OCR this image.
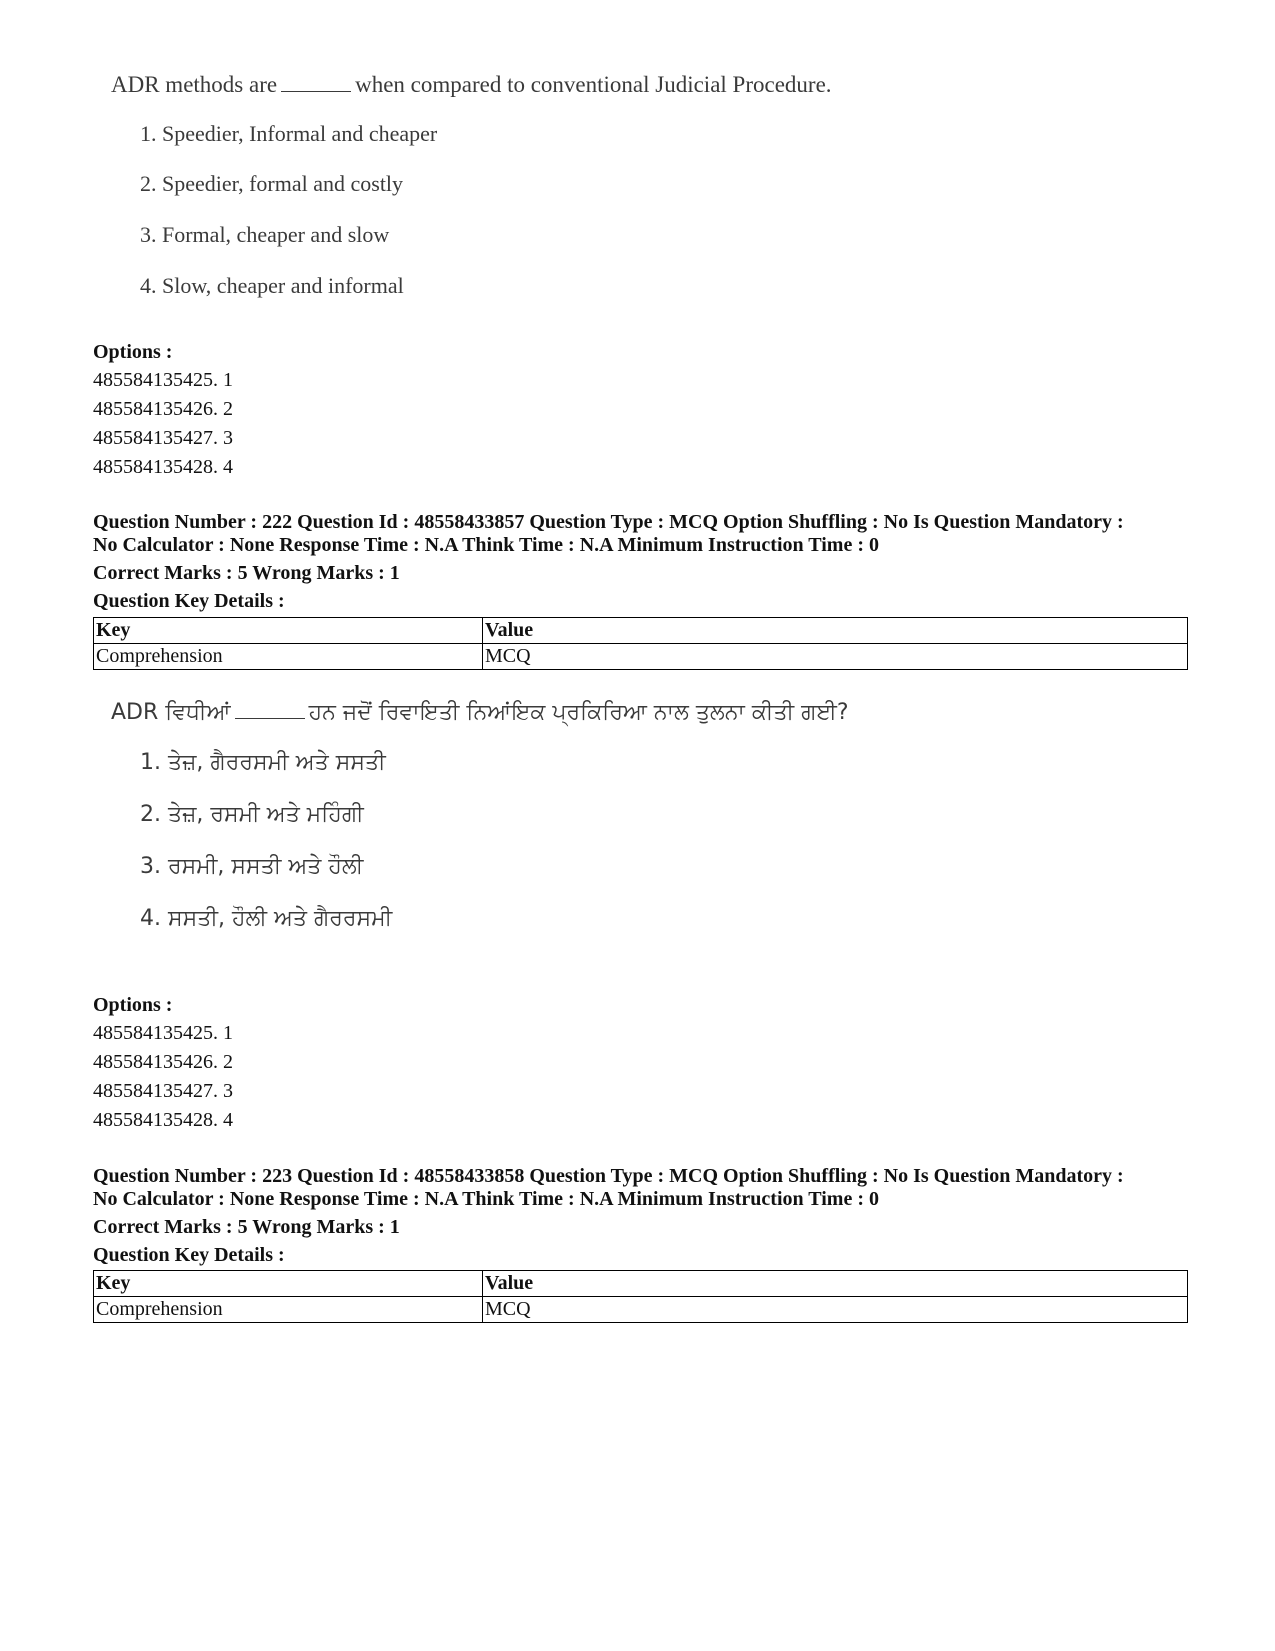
ADR methods are	when compared to conventional Judicial Procedure.
1. Speedier, Informal and cheaper
2. Speedier, formal and costly
3. Formal, cheaper and slow
4. Slow, cheaper and informal
Options :
485584135425. 1
485584135426. 2
485584135427. 3
485584135428. 4
Question Number : 222 Question Id : 48558433857 Question Type : MCQ Option Shuffling : No Is Question Mandatory :
No Calculator : None Response Time : N.A Think Time : N.A Minimum Instruction Time : 0
Correct Marks : 5 Wrong Marks : 1
Question Key Details :
Key	Value
Comprehension	MCQ
ADR ਵਿਧੀਆਂ	ਹਨ ਜਦੋਂ ਰਿਵਾਇਤੀ ਨਿਆਂਇਕ ਪ੍ਰਕਿਰਿਆ ਨਾਲ ਤੁਲਨਾ ਕੀਤੀ ਗਈ?
1. ਤੇਜ਼, ਗੈਰਰਸਮੀ ਅਤੇ ਸਸਤੀ
2. ਤੇਜ਼, ਰਸਮੀ ਅਤੇ ਮਹਿੰਗੀ
3. ਰਸਮੀ, ਸਸਤੀ ਅਤੇ ਹੌਲੀ
4. ਸਸਤੀ, ਹੌਲੀ ਅਤੇ ਗੈਰਰਸਮੀ
Options :
485584135425. 1
485584135426. 2
485584135427. 3
485584135428. 4
Question Number : 223 Question Id : 48558433858 Question Type : MCQ Option Shuffling : No Is Question Mandatory :
No Calculator : None Response Time : N.A Think Time : N.A Minimum Instruction Time : 0
Correct Marks : 5 Wrong Marks : 1
Question Key Details :
Key	Value
Comprehension	MCQ
